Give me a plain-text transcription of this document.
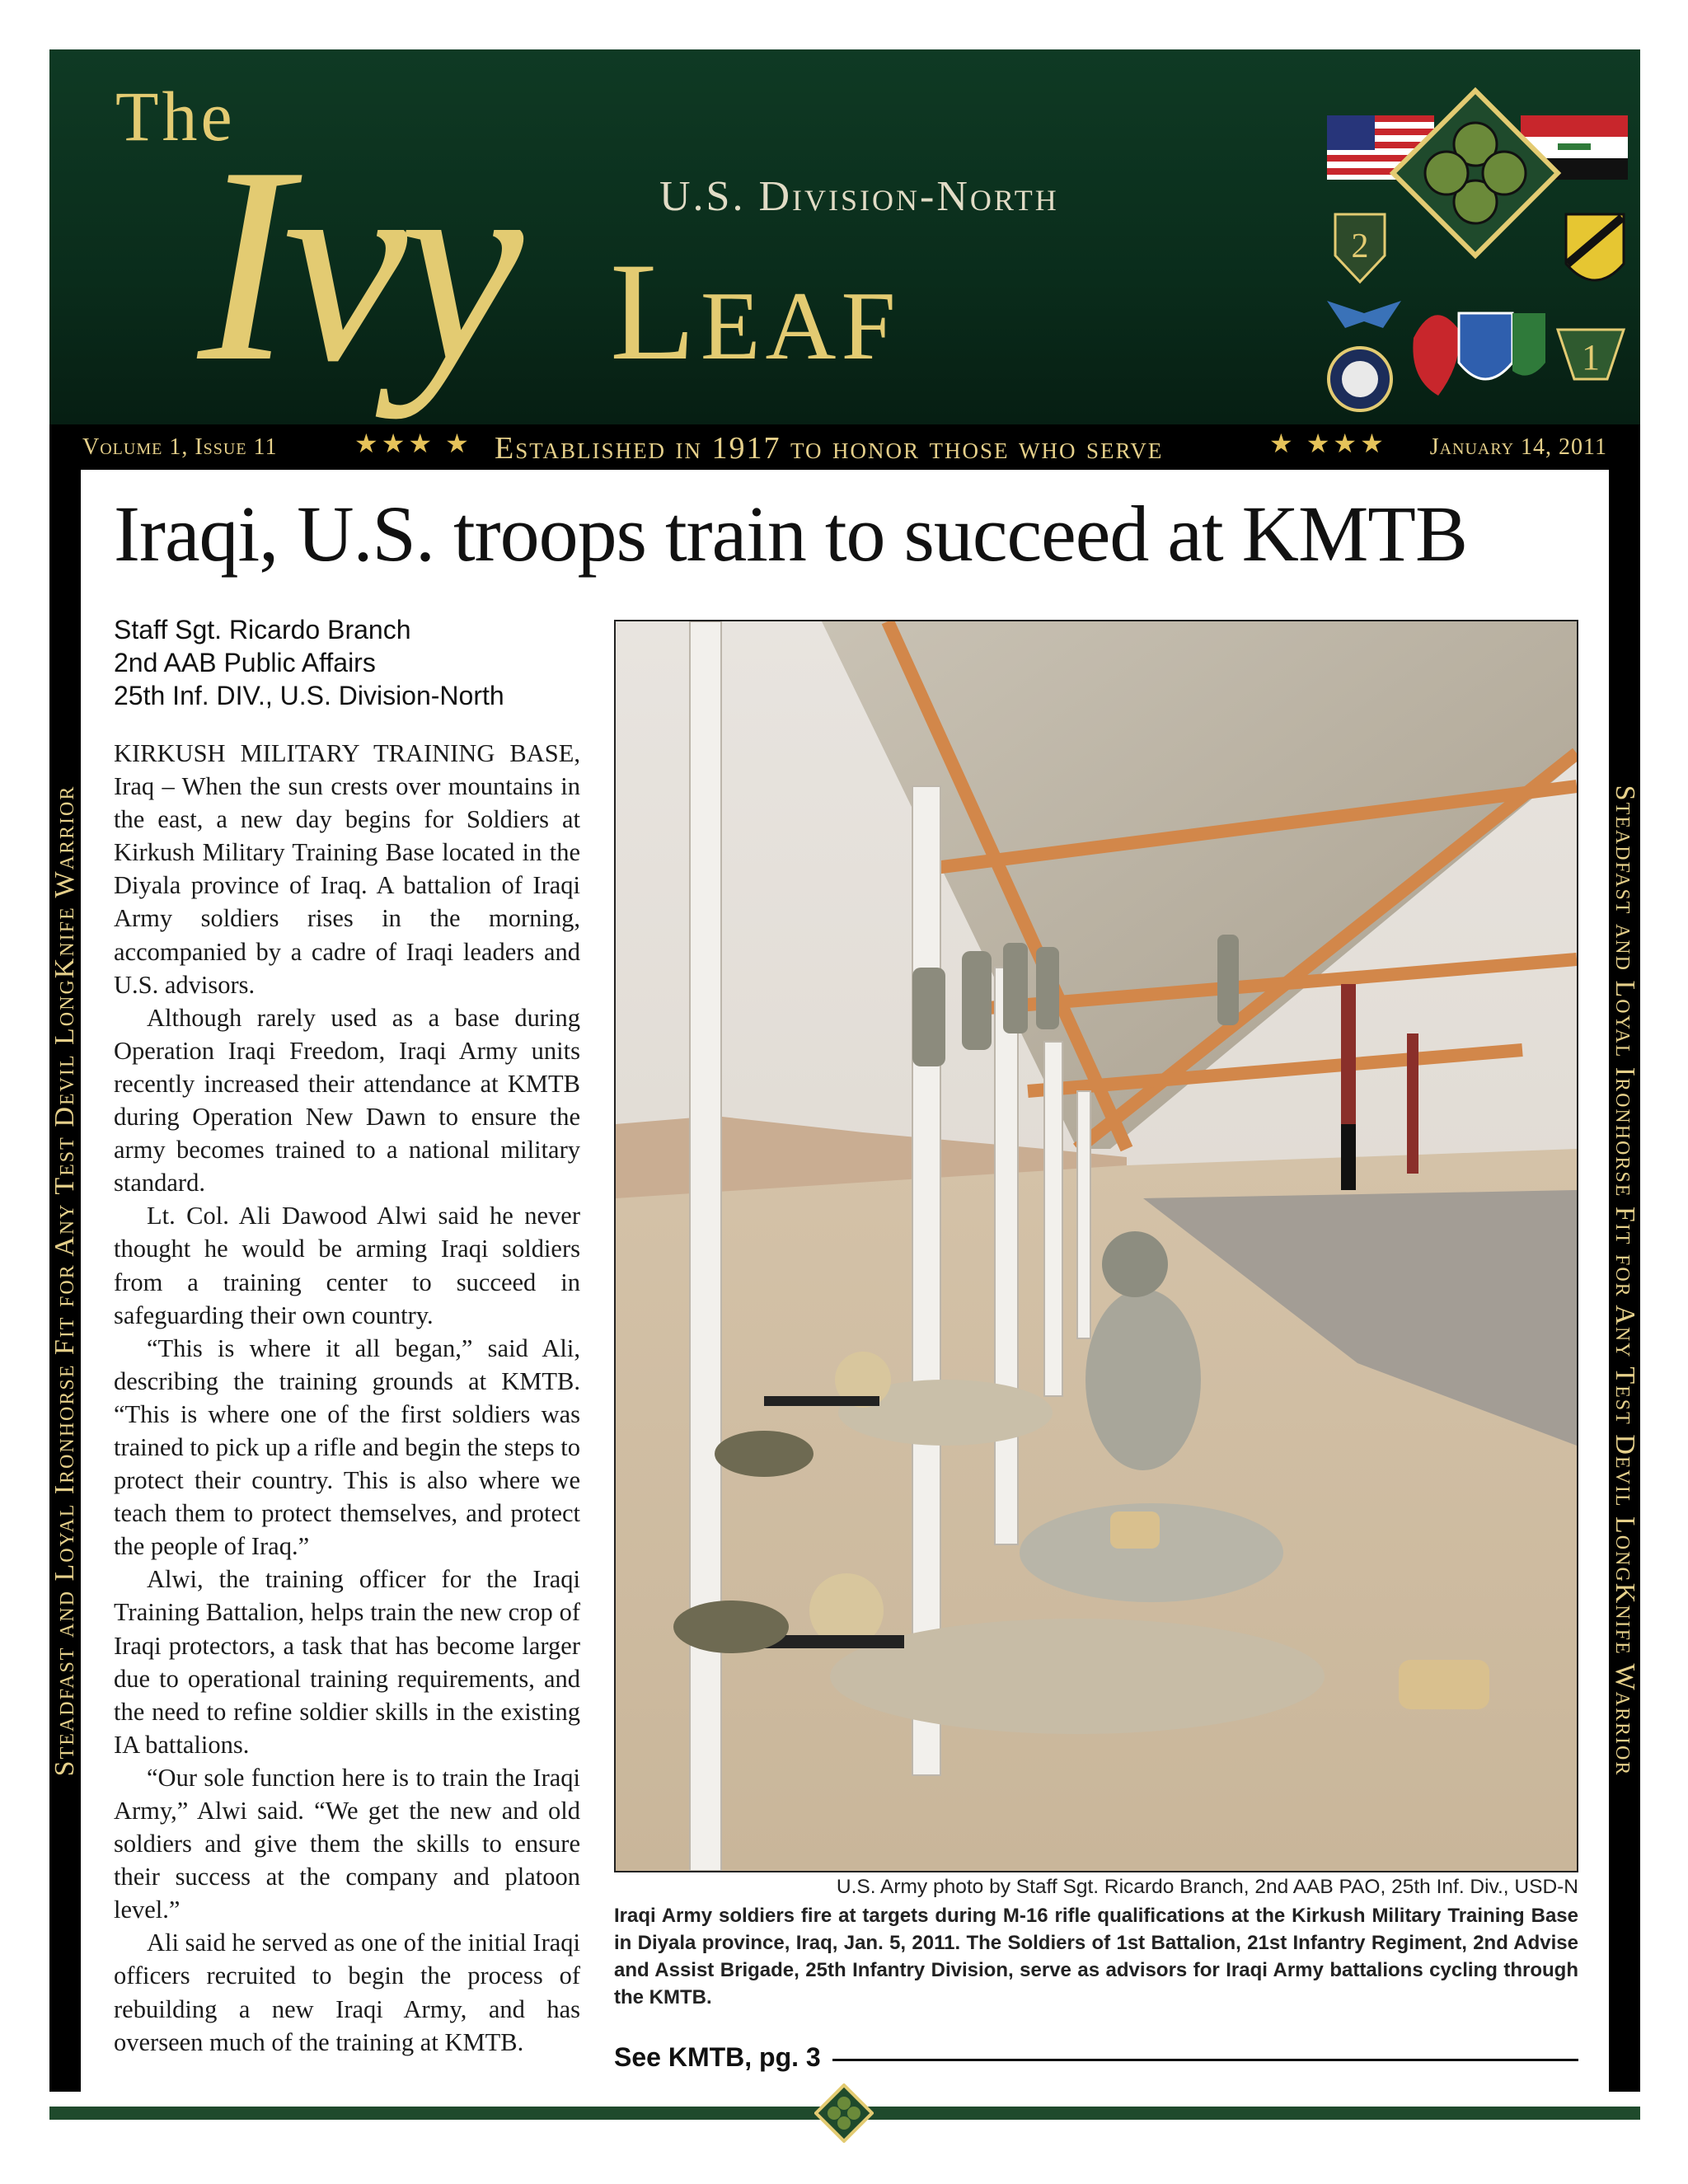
The
Ivy	U.S. Division-North
Leaf	2
1
Volume 1, Issue 11	★★★ ★ Established in 1917 to honor those who serve	★ ★★★ January 14, 2011
Steadfast and Loyal Ironhorse Fit for Any Test Devil LongKnife Warrior	Steadfast and Loyal Ironhorse Fit for Any Test Devil LongKnife Warrior
Iraqi, U.S. troops train to succeed at KMTB
Staff Sgt. Ricardo Branch
2nd AAB Public Affairs
25th Inf. DIV., U.S. Division-North

KIRKUSH MILITARY TRAINING BASE, Iraq – When the sun crests over mountains in the east, a new day begins for Soldiers at Kirkush Military Training Base located in the Diyala province of Iraq. A battalion of Iraqi Army soldiers rises in the morning, accompanied by a cadre of Iraqi leaders and U.S. advisors.

Although rarely used as a base during Operation Iraqi Freedom, Iraqi Army units recently increased their attendance at KMTB during Operation New Dawn to ensure the army becomes trained to a national military standard.

Lt. Col. Ali Dawood Alwi said he never thought he would be arming Iraqi soldiers from a training center to succeed in safeguarding their own country.

“This is where it all began,” said Ali, describing the training grounds at KMTB. “This is where one of the first soldiers was trained to pick up a rifle and begin the steps to protect their country. This is also where we teach them to protect themselves, and protect the people of Iraq.”

Alwi, the training officer for the Iraqi Training Battalion, helps train the new crop of Iraqi protectors, a task that has become larger due to operational training requirements, and the need to refine soldier skills in the existing IA battalions.

“Our sole function here is to train the Iraqi Army,” Alwi said. “We get the new and old soldiers and give them the skills to ensure their success at the company and platoon level.”

Ali said he served as one of the initial Iraqi officers recruited to begin the process of rebuilding a new Iraqi Army, and has overseen much of the training at KMTB.

U.S. Army photo by Staff Sgt. Ricardo Branch, 2nd AAB PAO, 25th Inf. Div., USD-N
Iraqi Army soldiers fire at targets during M-16 rifle qualifications at the Kirkush Military Training Base in Diyala province, Iraq, Jan. 5, 2011. The Soldiers of 1st Battalion, 21st Infantry Regiment, 2nd Advise and Assist Brigade, 25th Infantry Division, serve as advisors for Iraqi Army battalions cycling through the KMTB.
See KMTB, pg. 3
